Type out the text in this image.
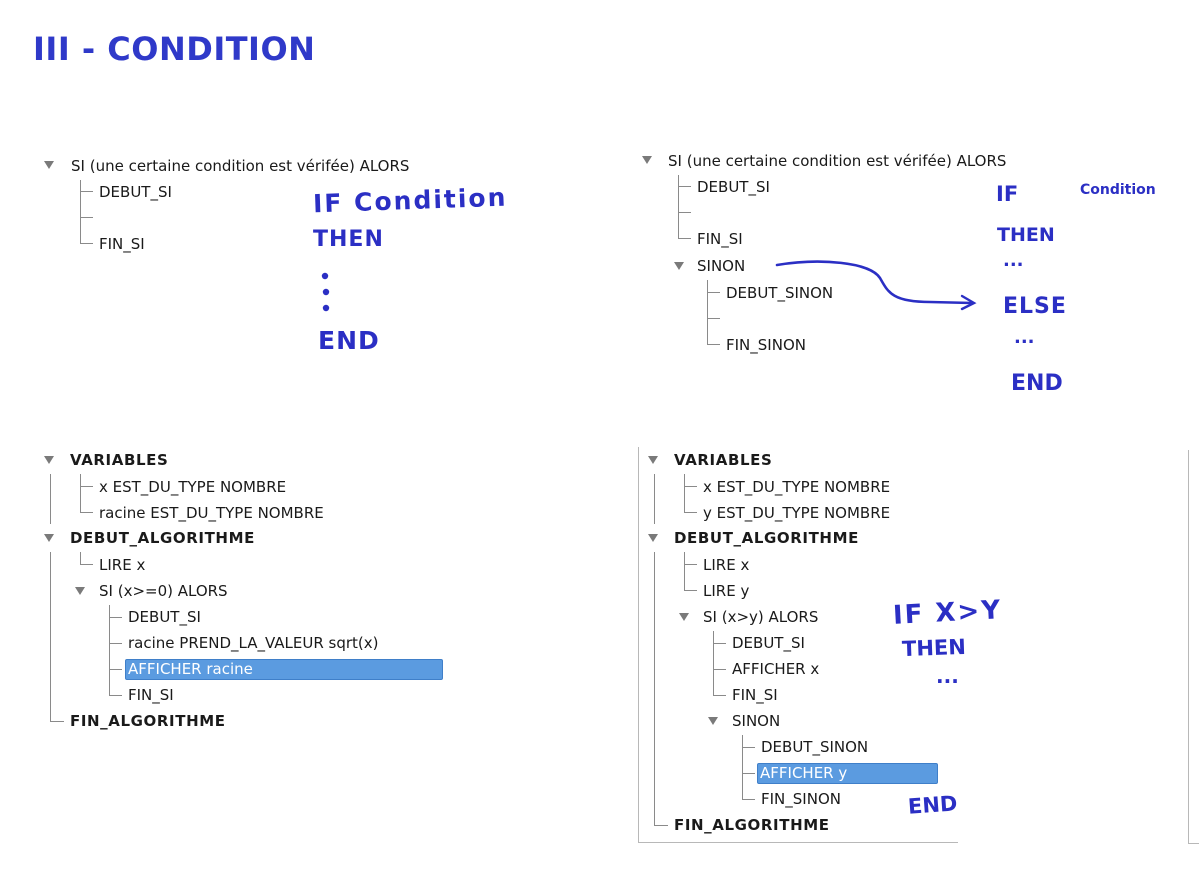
III - CONDITION
SI (une certaine condition est vérifée) ALORS
DEBUT_SI
FIN_SI
SI (une certaine condition est vérifée) ALORS
DEBUT_SI
FIN_SI
SINON
DEBUT_SINON
FIN_SINON
VARIABLES
x EST_DU_TYPE NOMBRE
racine EST_DU_TYPE NOMBRE
DEBUT_ALGORITHME
LIRE x
SI (x>=0) ALORS
DEBUT_SI
racine PREND_LA_VALEUR sqrt(x)
AFFICHER racine
FIN_SI
FIN_ALGORITHME
VARIABLES
x EST_DU_TYPE NOMBRE
y EST_DU_TYPE NOMBRE
DEBUT_ALGORITHME
LIRE x
LIRE y
SI (x>y) ALORS
DEBUT_SI
AFFICHER x
FIN_SI
SINON
DEBUT_SINON
AFFICHER y
FIN_SINON
FIN_ALGORITHME
IF Condition
THEN
END
IF	Condition
THEN
...
ELSE
...
END
IF X>Y
THEN
...
END
